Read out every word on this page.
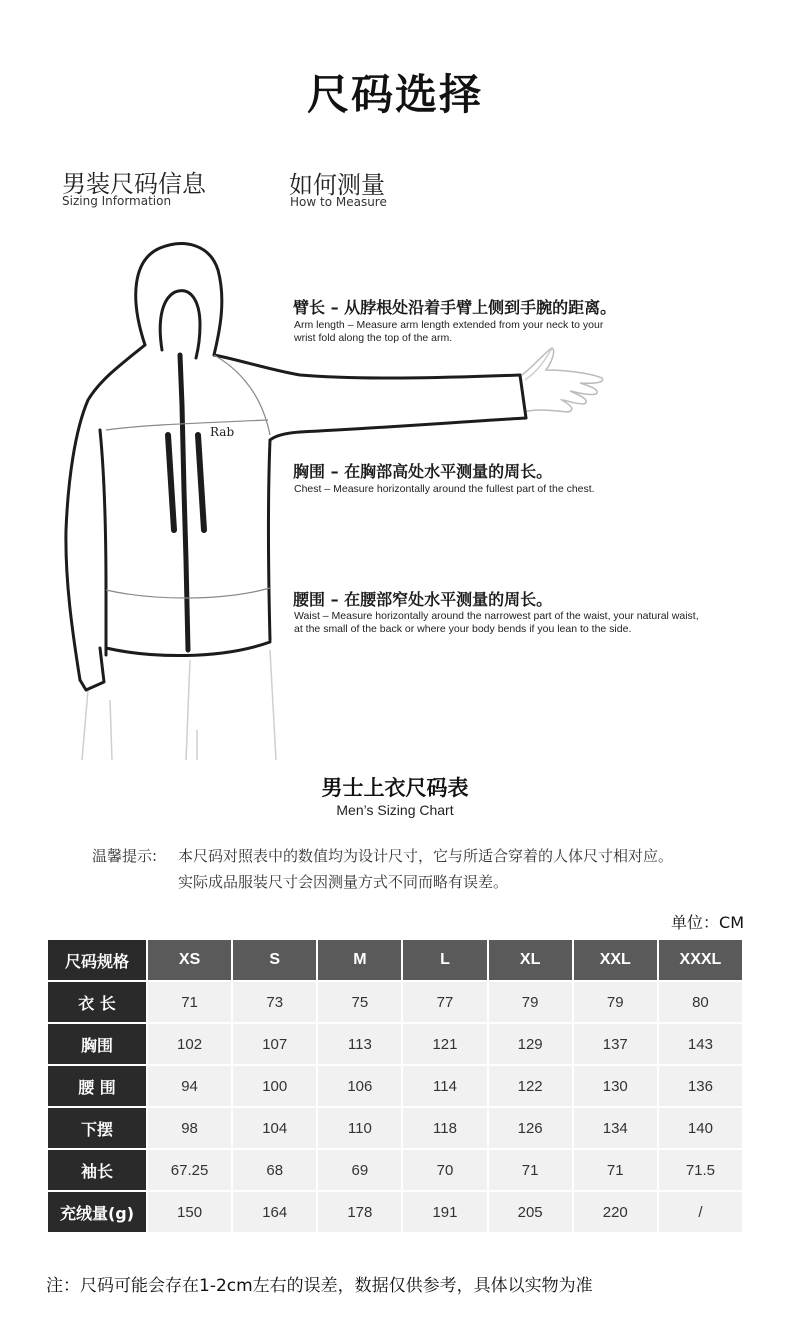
尺码选择
男装尺码信息
Sizing Information
如何测量
How to Measure
Rab
臂长 – 从脖根处沿着手臂上侧到手腕的距离。
Arm length – Measure arm length extended from your neck to your
wrist fold along the top of the arm.
胸围 – 在胸部高处水平测量的周长。
Chest – Measure horizontally around the fullest part of the chest.
腰围 – 在腰部窄处水平测量的周长。
Waist – Measure horizontally around the narrowest part of the waist, your natural waist,
at the small of the back or where your body bends if you lean to the side.
男士上衣尺码表
Men’s Sizing Chart
温馨提示: 本尺码对照表中的数值均为设计尺寸，它与所适合穿着的人体尺寸相对应。
实际成品服装尺寸会因测量方式不同而略有误差。
单位：CM
尺码规格	XS	S	M	L	XL	XXL	XXXL
衣 长	71	73	75	77	79	79	80
胸围	102	107	113	121	129	137	143
腰 围	94	100	106	114	122	130	136
下摆	98	104	110	118	126	134	140
袖长	67.25	68	69	70	71	71	71.5
充绒量(g)	150	164	178	191	205	220	/
注：尺码可能会存在1-2cm左右的误差，数据仅供参考，具体以实物为准
